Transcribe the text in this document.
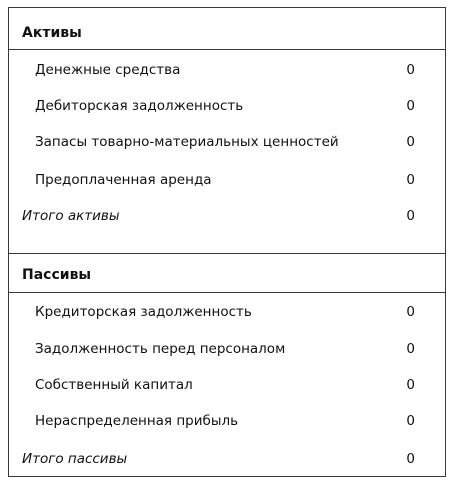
Активы
Денежные средства	0
Дебиторская задолженность	0
Запасы товарно-материальных ценностей	0
Предоплаченная аренда	0
Итого активы	0
Пассивы
Кредиторская задолженность	0
Задолженность перед персоналом	0
Собственный капитал	0
Нераспределенная прибыль	0
Итого пассивы	0
